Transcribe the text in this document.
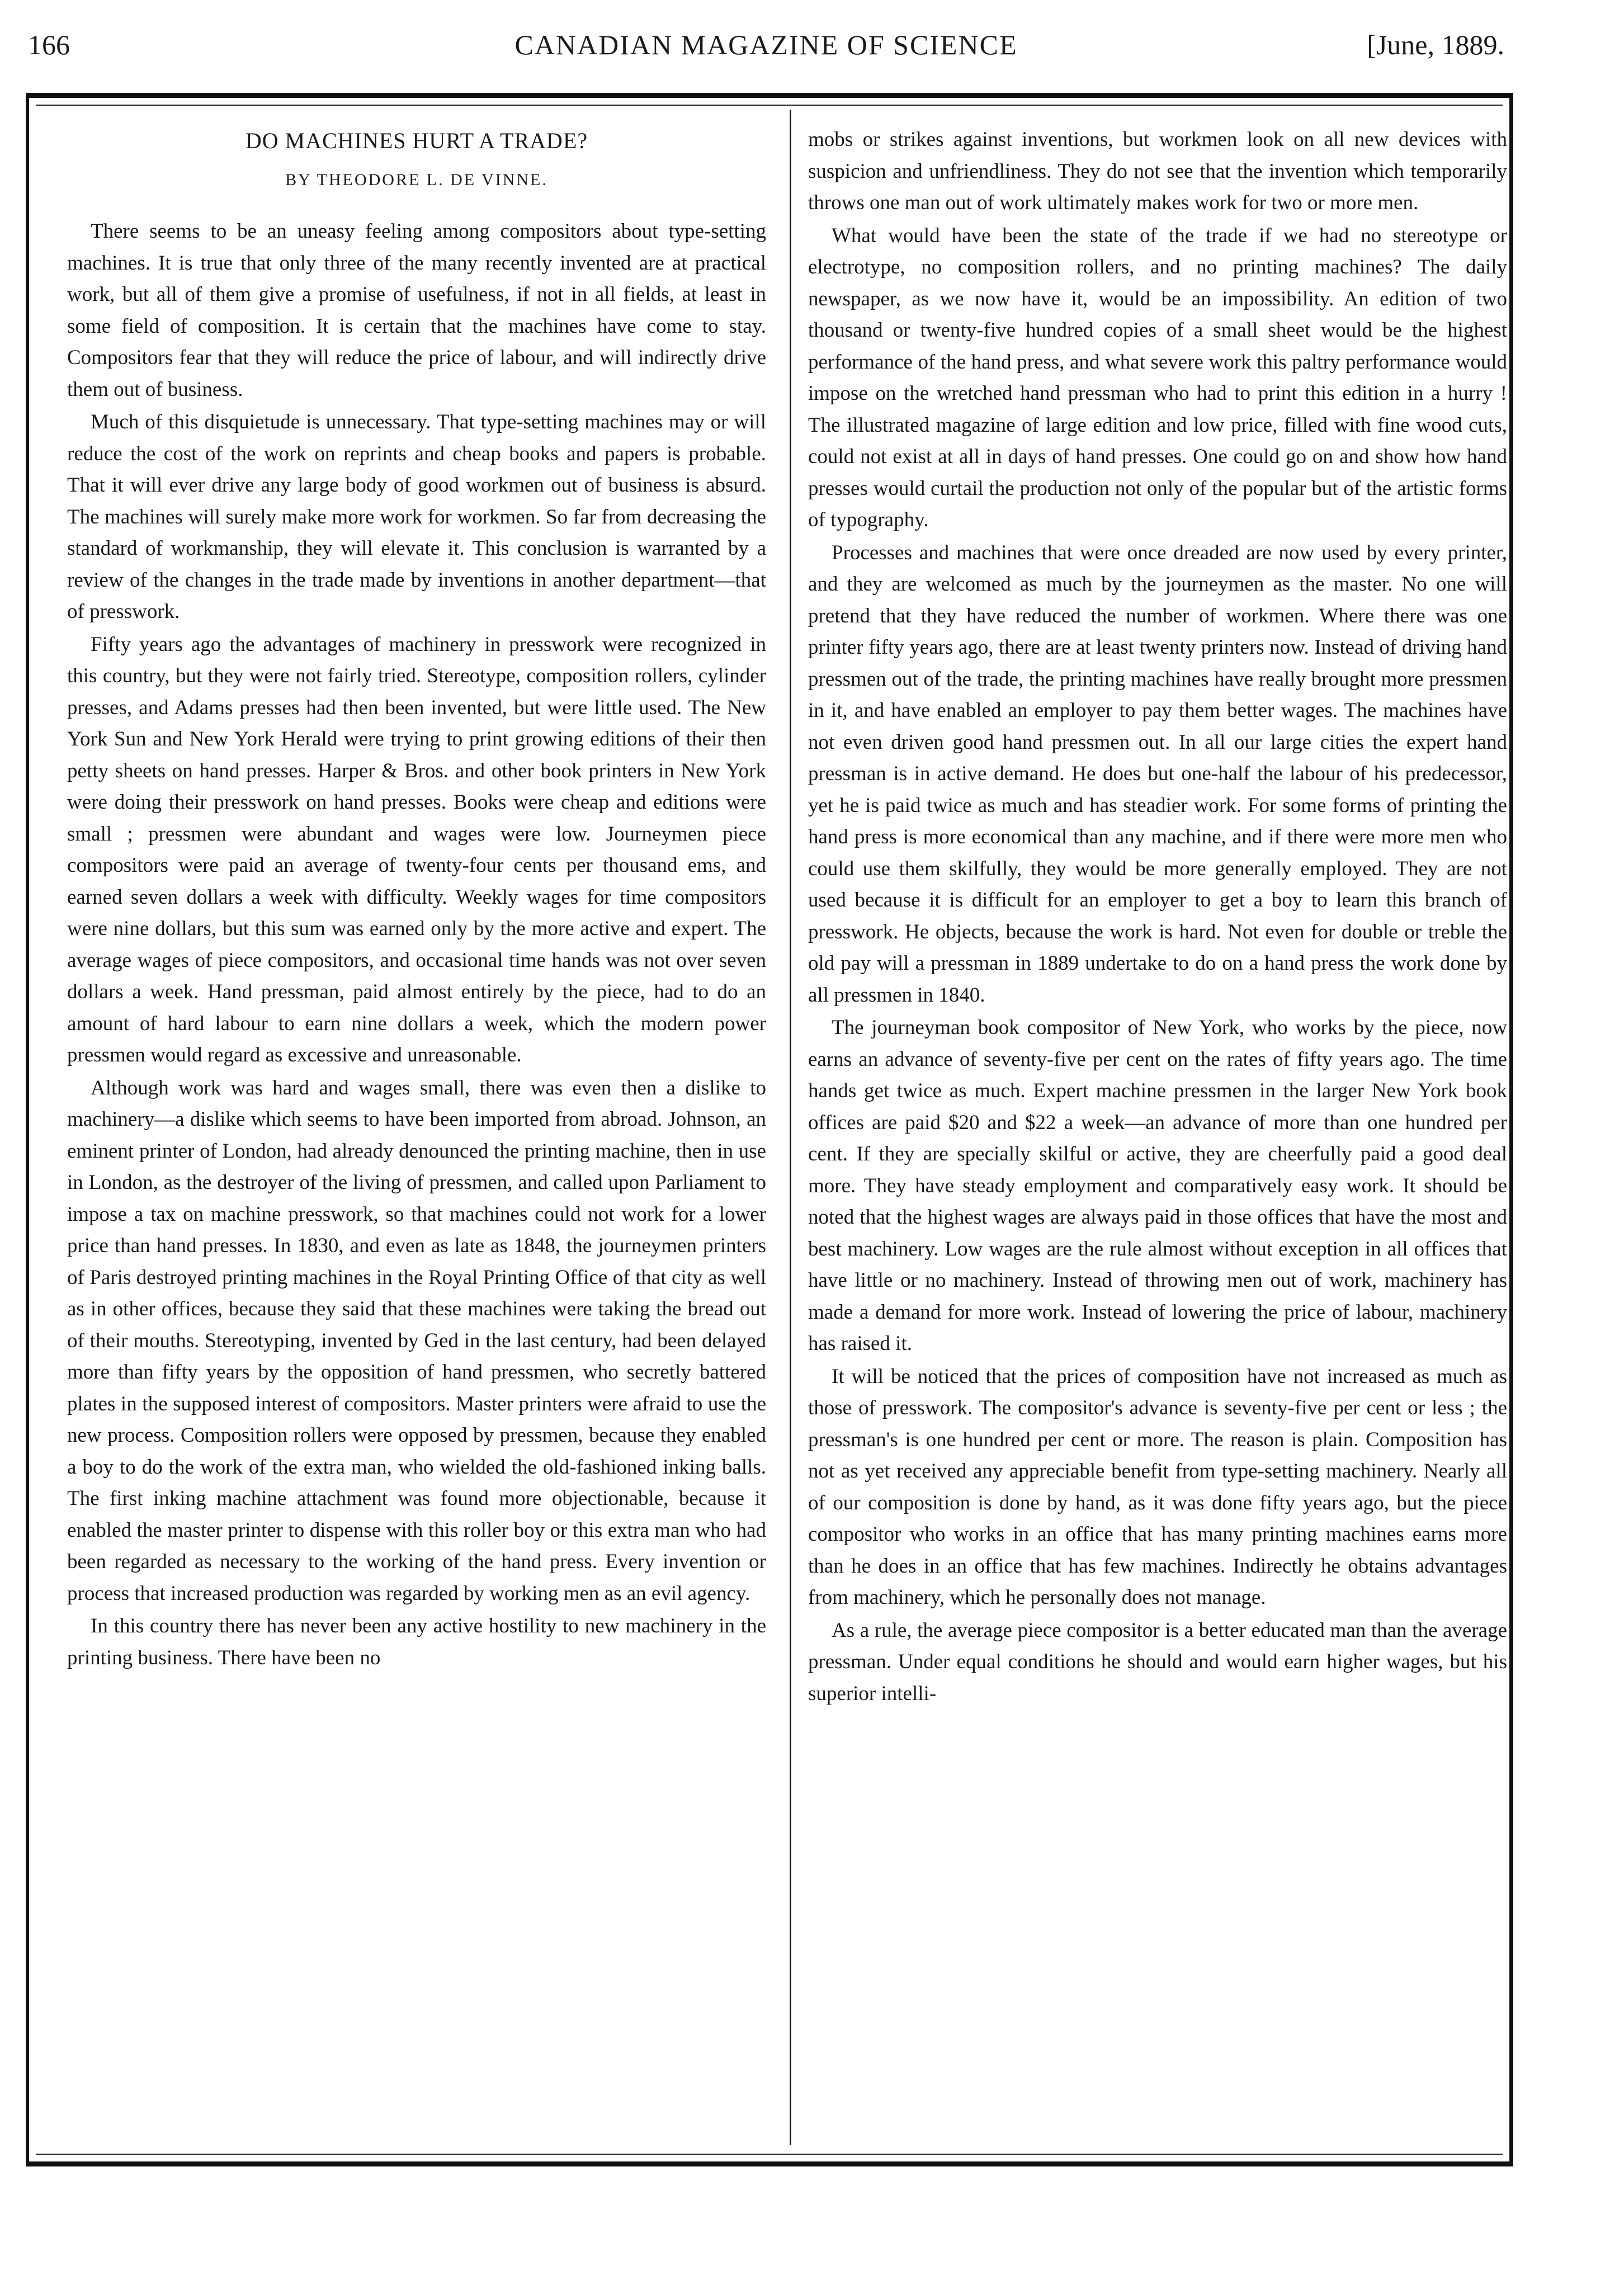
166	CANADIAN MAGAZINE OF SCIENCE	[June, 1889.
DO MACHINES HURT A TRADE?
BY THEODORE L. DE VINNE.

There seems to be an uneasy feeling among compositors about type-setting machines. It is true that only three of the many recently invented are at practical work, but all of them give a promise of usefulness, if not in all fields, at least in some field of composition. It is certain that the machines have come to stay. Compositors fear that they will reduce the price of labour, and will indirectly drive them out of business.

Much of this disquietude is unnecessary. That type-setting machines may or will reduce the cost of the work on reprints and cheap books and papers is probable. That it will ever drive any large body of good workmen out of business is absurd. The machines will surely make more work for workmen. So far from decreasing the standard of workmanship, they will elevate it. This conclusion is warranted by a review of the changes in the trade made by inventions in another department—that of presswork.

Fifty years ago the advantages of machinery in presswork were recognized in this country, but they were not fairly tried. Stereotype, composition rollers, cylinder presses, and Adams presses had then been invented, but were little used. The New York Sun and New York Herald were trying to print growing editions of their then petty sheets on hand presses. Harper & Bros. and other book printers in New York were doing their presswork on hand presses. Books were cheap and editions were small ; pressmen were abundant and wages were low. Journeymen piece compositors were paid an average of twenty-four cents per thousand ems, and earned seven dollars a week with difficulty. Weekly wages for time compositors were nine dollars, but this sum was earned only by the more active and expert. The average wages of piece compositors, and occasional time hands was not over seven dollars a week. Hand pressman, paid almost entirely by the piece, had to do an amount of hard labour to earn nine dollars a week, which the modern power pressmen would regard as excessive and unreasonable.

Although work was hard and wages small, there was even then a dislike to machinery—a dislike which seems to have been imported from abroad. Johnson, an eminent printer of London, had already denounced the printing machine, then in use in London, as the destroyer of the living of pressmen, and called upon Parliament to impose a tax on machine presswork, so that machines could not work for a lower price than hand presses. In 1830, and even as late as 1848, the journeymen printers of Paris destroyed printing machines in the Royal Printing Office of that city as well as in other offices, because they said that these machines were taking the bread out of their mouths. Stereotyping, invented by Ged in the last century, had been delayed more than fifty years by the opposition of hand pressmen, who secretly battered plates in the supposed interest of compositors. Master printers were afraid to use the new process. Composition rollers were opposed by pressmen, because they enabled a boy to do the work of the extra man, who wielded the old-fashioned inking balls. The first inking machine attachment was found more objectionable, because it enabled the master printer to dispense with this roller boy or this extra man who had been regarded as necessary to the working of the hand press. Every invention or process that increased production was regarded by working men as an evil agency.

In this country there has never been any active hostility to new machinery in the printing business. There have been no

mobs or strikes against inventions, but workmen look on all new devices with suspicion and unfriendliness. They do not see that the invention which temporarily throws one man out of work ultimately makes work for two or more men.

What would have been the state of the trade if we had no stereotype or electrotype, no composition rollers, and no printing machines? The daily newspaper, as we now have it, would be an impossibility. An edition of two thousand or twenty-five hundred copies of a small sheet would be the highest performance of the hand press, and what severe work this paltry performance would impose on the wretched hand pressman who had to print this edition in a hurry ! The illustrated magazine of large edition and low price, filled with fine wood cuts, could not exist at all in days of hand presses. One could go on and show how hand presses would curtail the production not only of the popular but of the artistic forms of typography.

Processes and machines that were once dreaded are now used by every printer, and they are welcomed as much by the journeymen as the master. No one will pretend that they have reduced the number of workmen. Where there was one printer fifty years ago, there are at least twenty printers now. Instead of driving hand pressmen out of the trade, the printing machines have really brought more pressmen in it, and have enabled an employer to pay them better wages. The machines have not even driven good hand pressmen out. In all our large cities the expert hand pressman is in active demand. He does but one-half the labour of his predecessor, yet he is paid twice as much and has steadier work. For some forms of printing the hand press is more economical than any machine, and if there were more men who could use them skilfully, they would be more generally employed. They are not used because it is difficult for an employer to get a boy to learn this branch of presswork. He objects, because the work is hard. Not even for double or treble the old pay will a pressman in 1889 undertake to do on a hand press the work done by all pressmen in 1840.

The journeyman book compositor of New York, who works by the piece, now earns an advance of seventy-five per cent on the rates of fifty years ago. The time hands get twice as much. Expert machine pressmen in the larger New York book offices are paid $20 and $22 a week—an advance of more than one hundred per cent. If they are specially skilful or active, they are cheerfully paid a good deal more. They have steady employment and comparatively easy work. It should be noted that the highest wages are always paid in those offices that have the most and best machinery. Low wages are the rule almost without exception in all offices that have little or no machinery. Instead of throwing men out of work, machinery has made a demand for more work. Instead of lowering the price of labour, machinery has raised it.

It will be noticed that the prices of composition have not increased as much as those of presswork. The compositor's advance is seventy-five per cent or less ; the pressman's is one hundred per cent or more. The reason is plain. Composition has not as yet received any appreciable benefit from type-setting machinery. Nearly all of our composition is done by hand, as it was done fifty years ago, but the piece compositor who works in an office that has many printing machines earns more than he does in an office that has few machines. Indirectly he obtains advantages from machinery, which he personally does not manage.

As a rule, the average piece compositor is a better educated man than the average pressman. Under equal conditions he should and would earn higher wages, but his superior intelli-
